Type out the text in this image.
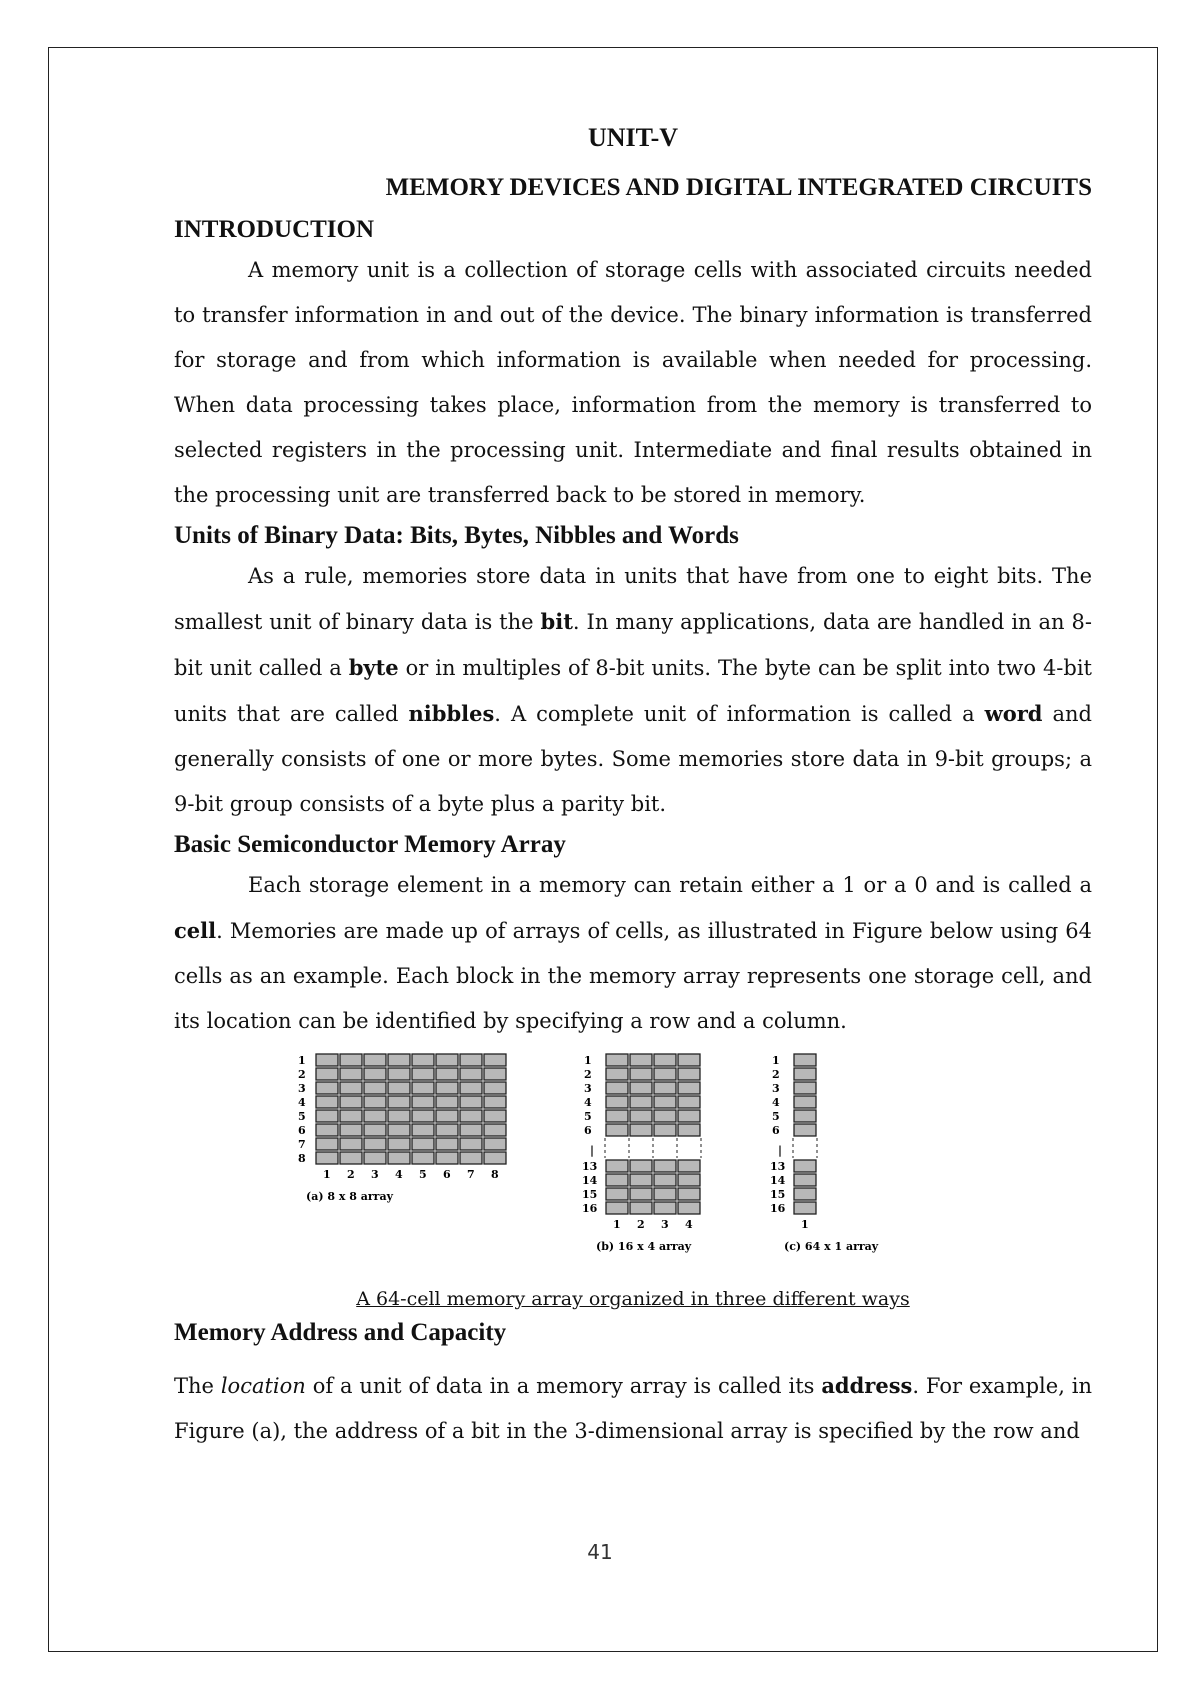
UNIT-V
MEMORY DEVICES AND DIGITAL INTEGRATED CIRCUITS
INTRODUCTION

A memory unit is a collection of storage cells with associated circuits needed to transfer information in and out of the device. The binary information is transferred for storage and from which information is available when needed for processing. When data processing takes place, information from the memory is transferred to selected registers in the processing unit. Intermediate and final results obtained in the processing unit are transferred back to be stored in memory.

Units of Binary Data: Bits, Bytes, Nibbles and Words

As a rule, memories store data in units that have from one to eight bits. The smallest unit of binary data is the bit. In many applications, data are handled in an 8-bit unit called a byte or in multiples of 8-bit units. The byte can be split into two 4-bit units that are called nibbles. A complete unit of information is called a word and generally consists of one or more bytes. Some memories store data in 9-bit groups; a 9-bit group consists of a byte plus a parity bit.

Basic Semiconductor Memory Array

Each storage element in a memory can retain either a 1 or a 0 and is called a cell. Memories are made up of arrays of cells, as illustrated in Figure below using 64 cells as an example. Each block in the memory array represents one storage cell, and its location can be identified by specifying a row and a column.

1
2
3
4
5
6
7
8
1 2 3 4 5 6 7 8
(a) 8 x 8 array
1
2
3
4
5
6
|
13
14
15
16
1 2 3 4
(b) 16 x 4 array
1
2
3
4
5
6
|
13
14
15
16
1
(c) 64 x 1 array
A 64-cell memory array organized in three different ways
Memory Address and Capacity

The location of a unit of data in a memory array is called its address. For example, in Figure (a), the address of a bit in the 3-dimensional array is specified by the row and

41
